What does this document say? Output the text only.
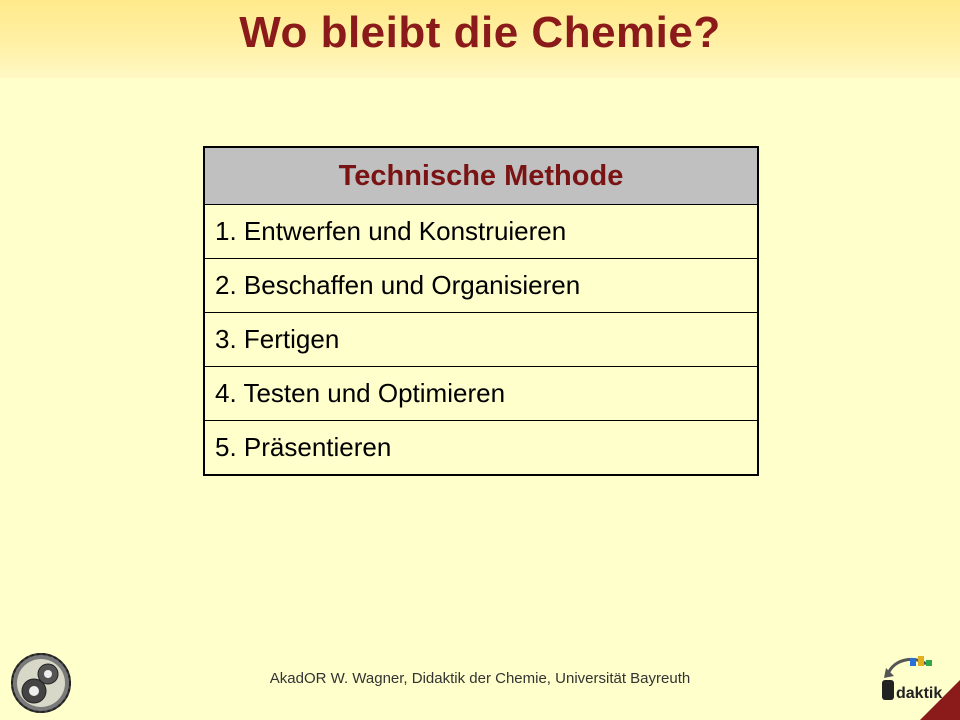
Wo bleibt die Chemie?
Technische Methode
1. Entwerfen und Konstruieren
2. Beschaffen und Organisieren
3. Fertigen
4. Testen und Optimieren
5. Präsentieren
AkadOR W. Wagner, Didaktik der Chemie, Universität Bayreuth
daktik
